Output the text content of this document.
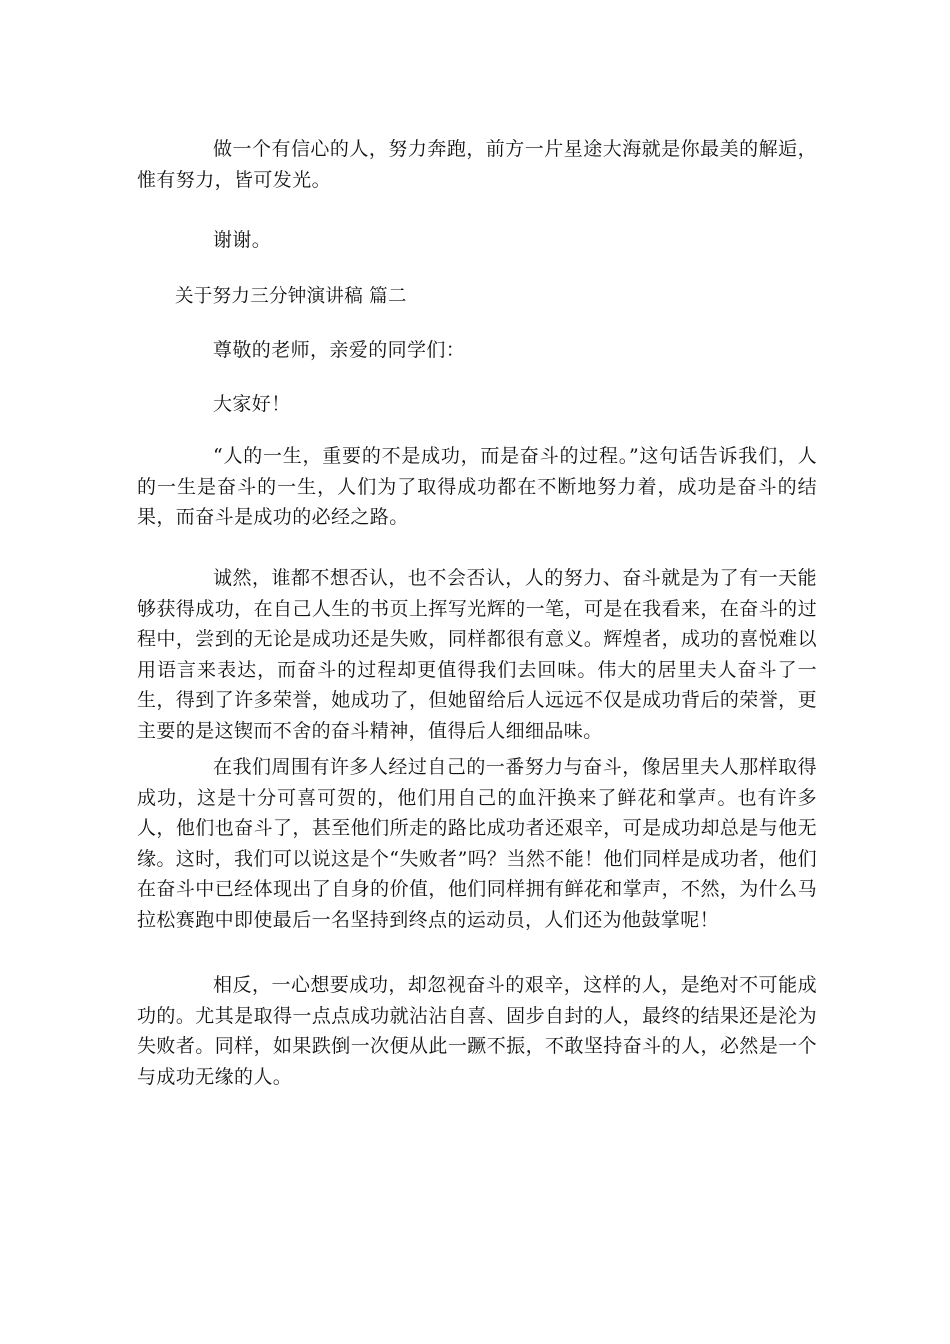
做一个有信心的人，努力奔跑，前方一片星途大海就是你最美的解逅，惟有努力，皆可发光。

谢谢。

关于努力三分钟演讲稿 篇二

尊敬的老师，亲爱的同学们：

大家好！

“人的一生，重要的不是成功，而是奋斗的过程。”这句话告诉我们，人的一生是奋斗的一生，人们为了取得成功都在不断地努力着，成功是奋斗的结果，而奋斗是成功的必经之路。

诚然，谁都不想否认，也不会否认，人的努力、奋斗就是为了有一天能够获得成功，在自己人生的书页上挥写光辉的一笔，可是在我看来，在奋斗的过程中，尝到的无论是成功还是失败，同样都很有意义。辉煌者，成功的喜悦难以用语言来表达，而奋斗的过程却更值得我们去回味。伟大的居里夫人奋斗了一生，得到了许多荣誉，她成功了，但她留给后人远远不仅是成功背后的荣誉，更主要的是这锲而不舍的奋斗精神，值得后人细细品味。

在我们周围有许多人经过自己的一番努力与奋斗，像居里夫人那样取得成功，这是十分可喜可贺的，他们用自己的血汗换来了鲜花和掌声。也有许多人，他们也奋斗了，甚至他们所走的路比成功者还艰辛，可是成功却总是与他无缘。这时，我们可以说这是个“失败者”吗？当然不能！他们同样是成功者，他们在奋斗中已经体现出了自身的价值，他们同样拥有鲜花和掌声，不然，为什么马拉松赛跑中即使最后一名坚持到终点的运动员，人们还为他鼓掌呢！

相反，一心想要成功，却忽视奋斗的艰辛，这样的人，是绝对不可能成功的。尤其是取得一点点成功就沾沾自喜、固步自封的人，最终的结果还是沦为失败者。同样，如果跌倒一次便从此一蹶不振，不敢坚持奋斗的人，必然是一个与成功无缘的人。
